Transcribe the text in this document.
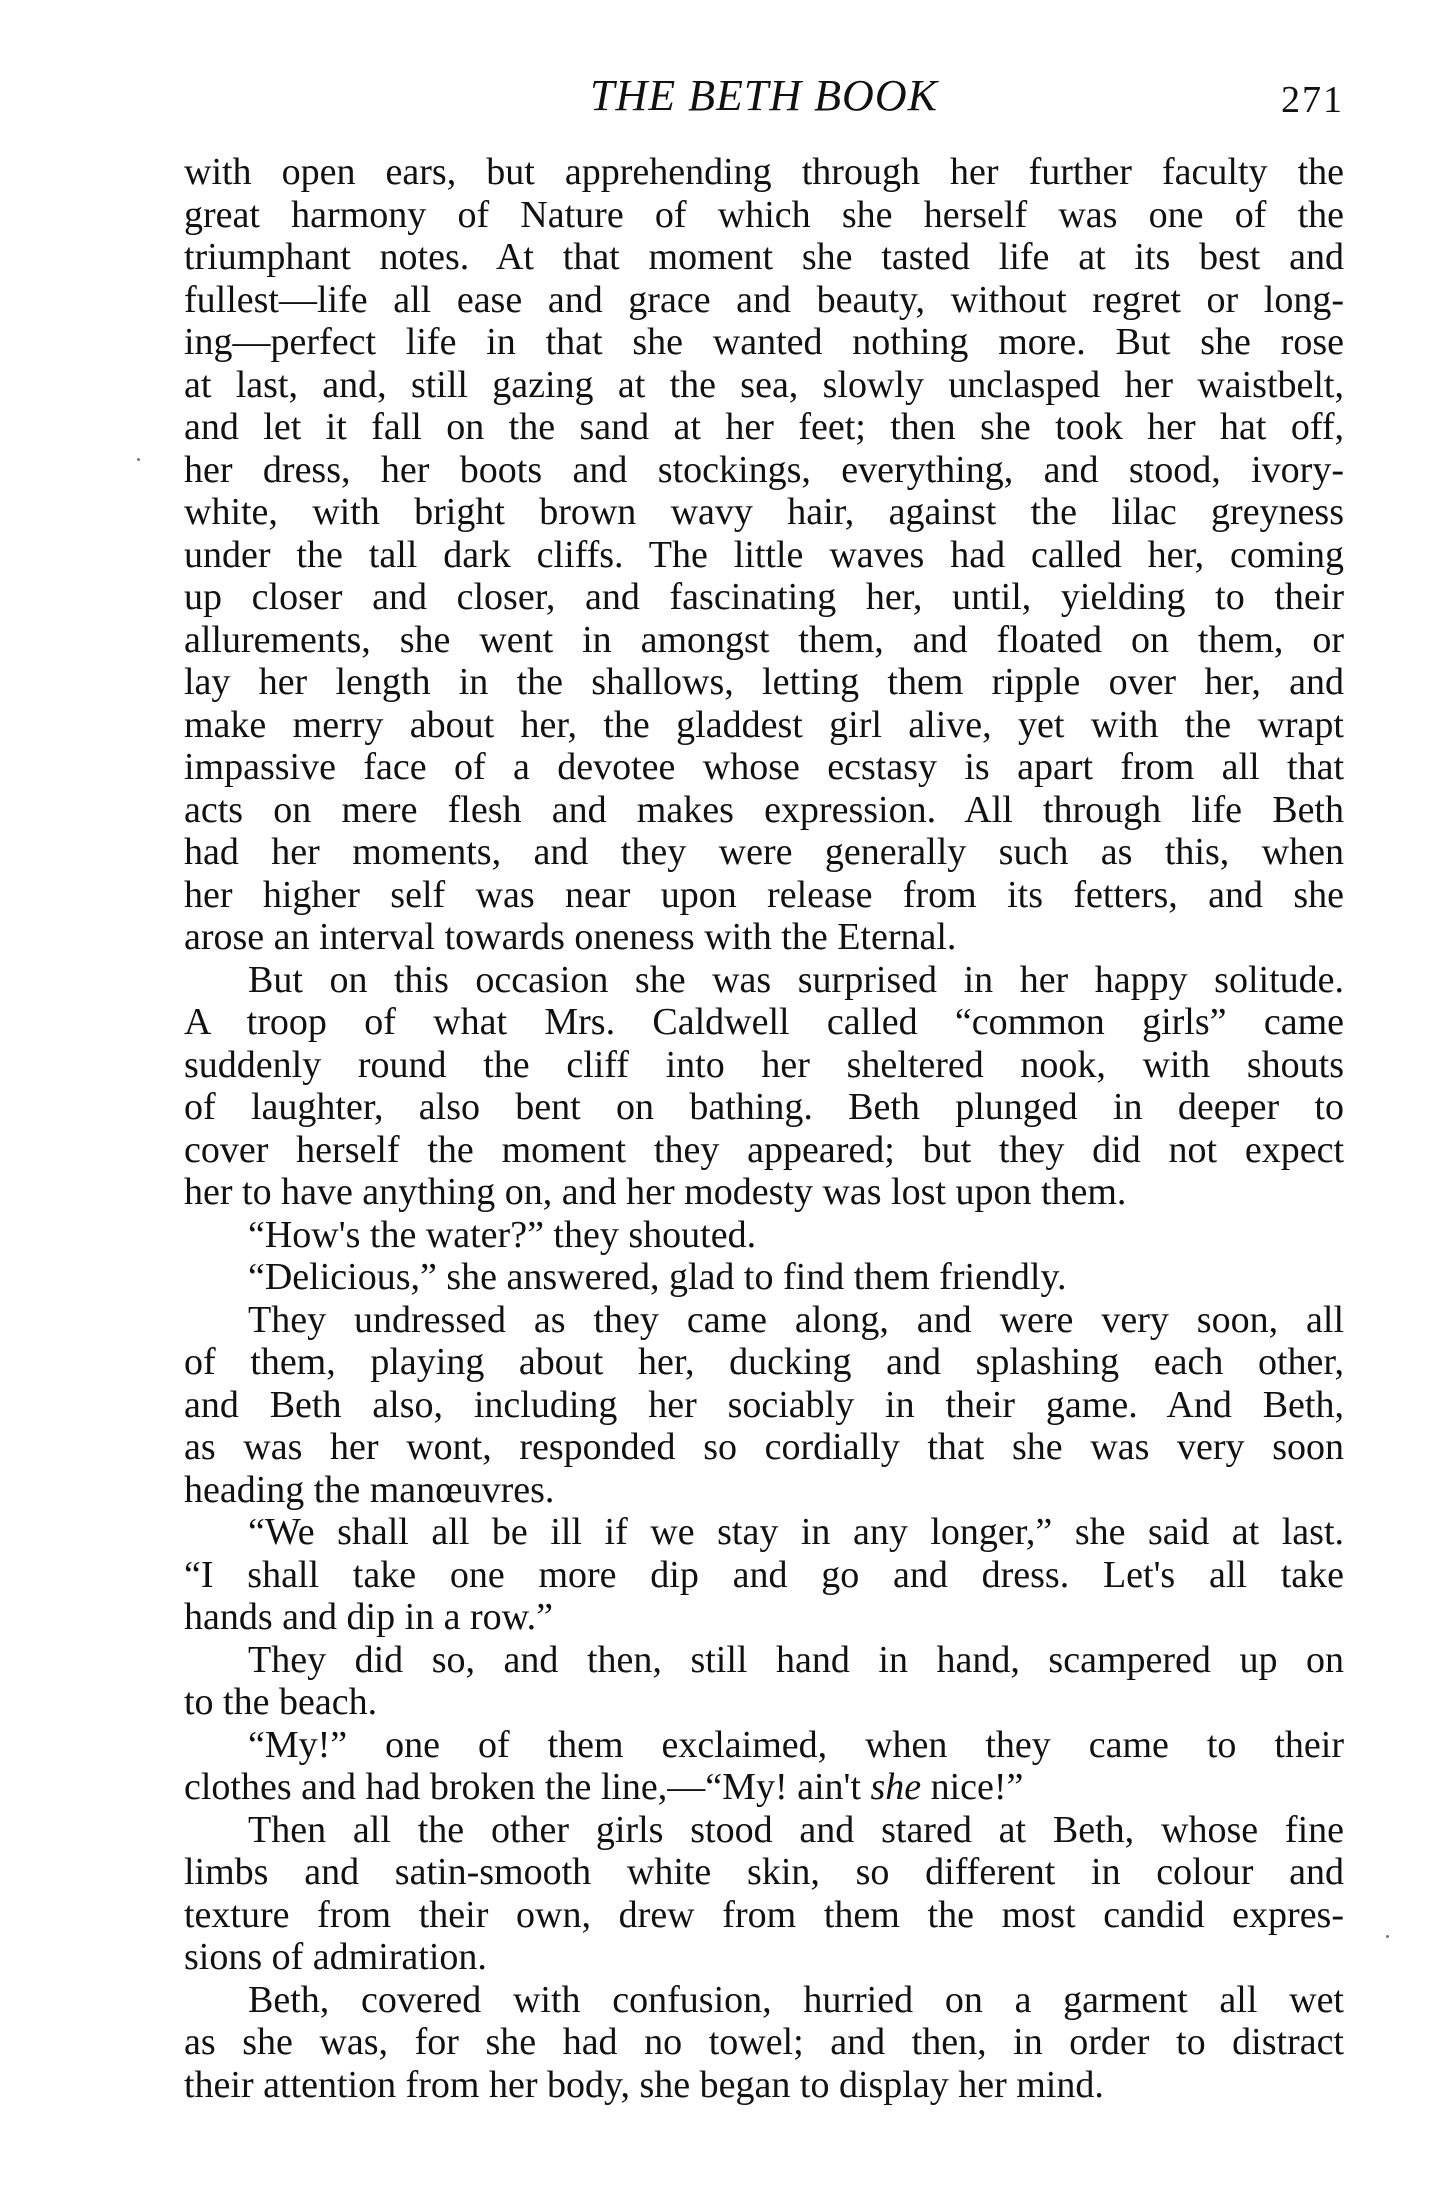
THE BETH BOOK	271

with open ears, but apprehending through her further faculty the
great harmony of Nature of which she herself was one of the
triumphant notes. At that moment she tasted life at its best and
fullest—life all ease and grace and beauty, without regret or long-
ing—perfect life in that she wanted nothing more. But she rose
at last, and, still gazing at the sea, slowly unclasped her waistbelt,
and let it fall on the sand at her feet; then she took her hat off,
her dress, her boots and stockings, everything, and stood, ivory-
white, with bright brown wavy hair, against the lilac greyness
under the tall dark cliffs. The little waves had called her, coming
up closer and closer, and fascinating her, until, yielding to their
allurements, she went in amongst them, and floated on them, or
lay her length in the shallows, letting them ripple over her, and
make merry about her, the gladdest girl alive, yet with the wrapt
impassive face of a devotee whose ecstasy is apart from all that
acts on mere flesh and makes expression. All through life Beth
had her moments, and they were generally such as this, when
her higher self was near upon release from its fetters, and she
arose an interval towards oneness with the Eternal.

But on this occasion she was surprised in her happy solitude.
A troop of what Mrs. Caldwell called “common girls” came
suddenly round the cliff into her sheltered nook, with shouts
of laughter, also bent on bathing. Beth plunged in deeper to
cover herself the moment they appeared; but they did not expect
her to have anything on, and her modesty was lost upon them.

“How's the water?” they shouted.

“Delicious,” she answered, glad to find them friendly.

They undressed as they came along, and were very soon, all
of them, playing about her, ducking and splashing each other,
and Beth also, including her sociably in their game. And Beth,
as was her wont, responded so cordially that she was very soon
heading the manœuvres.

“We shall all be ill if we stay in any longer,” she said at last.
“I shall take one more dip and go and dress. Let's all take
hands and dip in a row.”

They did so, and then, still hand in hand, scampered up on
to the beach.

“My!” one of them exclaimed, when they came to their
clothes and had broken the line,—“My! ain't she nice!”

Then all the other girls stood and stared at Beth, whose fine
limbs and satin-smooth white skin, so different in colour and
texture from their own, drew from them the most candid expres-
sions of admiration.

Beth, covered with confusion, hurried on a garment all wet
as she was, for she had no towel; and then, in order to distract
their attention from her body, she began to display her mind.
